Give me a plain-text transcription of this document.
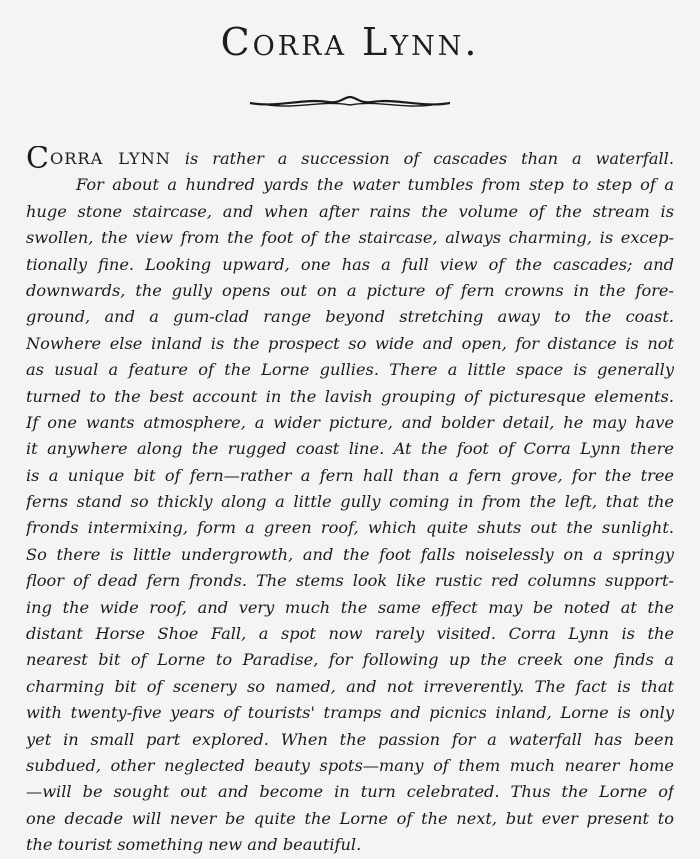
Corra Lynn.
CORRA LYNN is rather a succession of cascades than a waterfall.
For about a hundred yards the water tumbles from step to step of a
huge stone staircase, and when after rains the volume of the stream is
swollen, the view from the foot of the staircase, always charming, is excep-
tionally fine. Looking upward, one has a full view of the cascades; and
downwards, the gully opens out on a picture of fern crowns in the fore-
ground, and a gum-clad range beyond stretching away to the coast.
Nowhere else inland is the prospect so wide and open, for distance is not
as usual a feature of the Lorne gullies. There a little space is generally
turned to the best account in the lavish grouping of picturesque elements.
If one wants atmosphere, a wider picture, and bolder detail, he may have
it anywhere along the rugged coast line. At the foot of Corra Lynn there
is a unique bit of fern—rather a fern hall than a fern grove, for the tree
ferns stand so thickly along a little gully coming in from the left, that the
fronds intermixing, form a green roof, which quite shuts out the sunlight.
So there is little undergrowth, and the foot falls noiselessly on a springy
floor of dead fern fronds. The stems look like rustic red columns support-
ing the wide roof, and very much the same effect may be noted at the
distant Horse Shoe Fall, a spot now rarely visited. Corra Lynn is the
nearest bit of Lorne to Paradise, for following up the creek one finds a
charming bit of scenery so named, and not irreverently. The fact is that
with twenty-five years of tourists' tramps and picnics inland, Lorne is only
yet in small part explored. When the passion for a waterfall has been
subdued, other neglected beauty spots—many of them much nearer home
—will be sought out and become in turn celebrated. Thus the Lorne of
one decade will never be quite the Lorne of the next, but ever present to
the tourist something new and beautiful.
